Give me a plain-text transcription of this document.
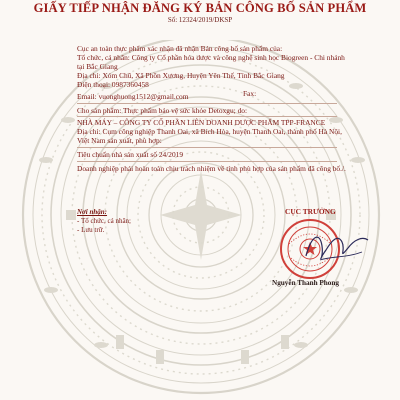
GIẤY TIẾP NHẬN ĐĂNG KÝ BẢN CÔNG BỐ SẢN PHẨM
Số: 12324/2019/DKSP
Cục an toàn thực phẩm xác nhận đã nhận Bản công bố sản phẩm của:
Tổ chức, cá nhân: Công ty Cổ phần hóa dược và công nghệ sinh học Biogreen - Chi nhánh
tại Bắc Giang
Địa chỉ: Xóm Chũ, Xã Phồn Xương, Huyện Yên Thế, Tỉnh Bắc Giang
Điện thoại: 0987360458
Fax:
Email: vuonghuong1512@gmail.com
Cho sản phẩm: Thực phẩm bảo vệ sức khỏe Detoxgu; do:
NHÀ MÁY – CÔNG TY CỔ PHẦN LIÊN DOANH DƯỢC PHẨM TPP-FRANCE
Địa chỉ: Cụm công nghiệp Thanh Oai, xã Bích Hòa, huyện Thanh Oai, thành phố Hà Nội,
Việt Nam sản xuất, phù hợp:
Tiêu chuẩn nhà sản xuất số 24/2019
Doanh nghiệp phải hoàn toàn chịu trách nhiệm về tính phù hợp của sản phẩm đã công bố./.
Nơi nhận:
- Tổ chức, cá nhân;
- Lưu trữ.
CỤC TRƯỞNG
Nguyễn Thanh Phong
